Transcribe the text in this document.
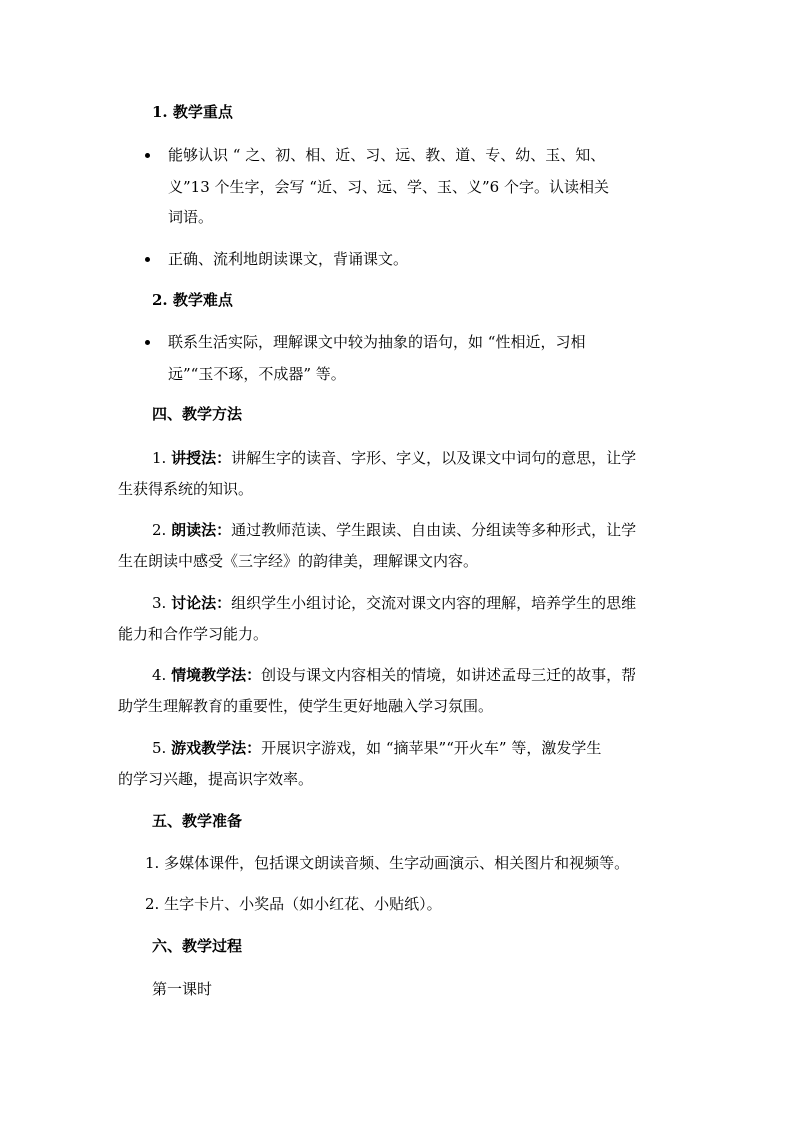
1. 教学重点
能够认识 “ 之、初、相、近、习、远、教、道、专、幼、玉、知、
义”13 个生字，会写 “近、习、远、学、玉、义”6 个字。认读相关
词语。
正确、流利地朗读课文，背诵课文。
2. 教学难点
联系生活实际，理解课文中较为抽象的语句，如 “性相近，习相
远”“玉不琢，不成器” 等。
四、教学方法
1. 讲授法：讲解生字的读音、字形、字义，以及课文中词句的意思，让学
生获得系统的知识。
2. 朗读法：通过教师范读、学生跟读、自由读、分组读等多种形式，让学
生在朗读中感受《三字经》的韵律美，理解课文内容。
3. 讨论法：组织学生小组讨论，交流对课文内容的理解，培养学生的思维
能力和合作学习能力。
4. 情境教学法：创设与课文内容相关的情境，如讲述孟母三迁的故事，帮
助学生理解教育的重要性，使学生更好地融入学习氛围。
5. 游戏教学法：开展识字游戏，如 “摘苹果”“开火车” 等，激发学生
的学习兴趣，提高识字效率。
五、教学准备
1. 多媒体课件，包括课文朗读音频、生字动画演示、相关图片和视频等。
2. 生字卡片、小奖品（如小红花、小贴纸）。
六、教学过程
第一课时
